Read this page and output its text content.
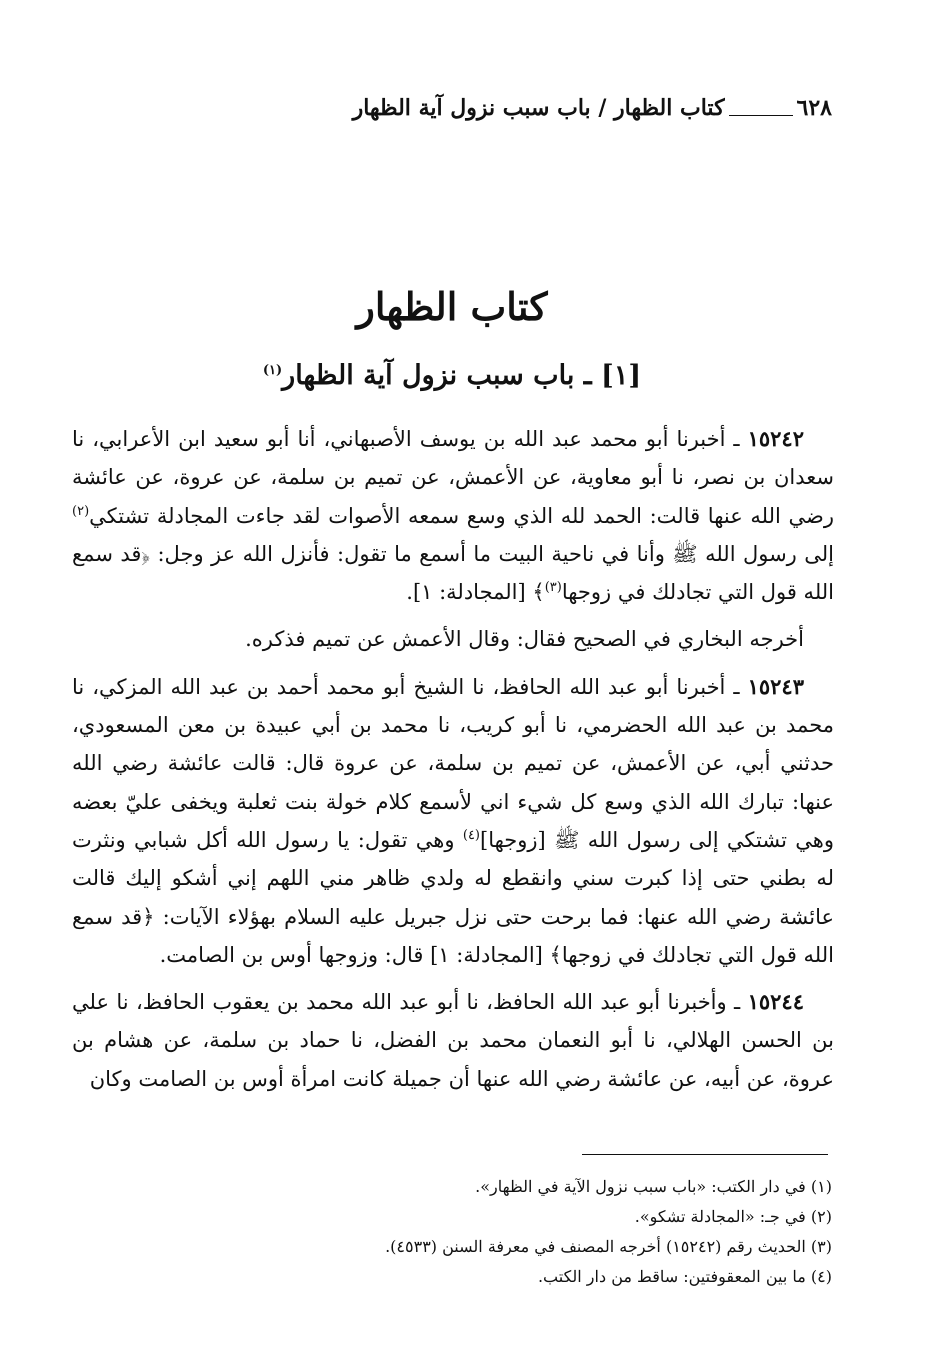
٦٢٨
كتاب الظهار / باب سبب نزول آية الظهار
كتاب الظهار
[١] ـ باب سبب نزول آية الظهار$^{(١)}$

١٥٢٤٢ ـ أخبرنا أبو محمد عبد الله بن يوسف الأصبهاني، أنا أبو سعيد ابن الأعرابي، نا سعدان بن نصر، نا أبو معاوية، عن الأعمش، عن تميم بن سلمة، عن عروة، عن عائشة رضي الله عنها قالت: الحمد لله الذي وسع سمعه الأصوات لقد جاءت المجادلة تشتكي$^{(٢)}$ إلى رسول الله ﷺ وأنا في ناحية البيت ما أسمع ما تقول: فأنزل الله عز وجل: ﴿قد سمع الله قول التي تجادلك في زوجها$^{(٣)}$﴾ [المجادلة: ١].

أخرجه البخاري في الصحيح فقال: وقال الأعمش عن تميم فذكره.

١٥٢٤٣ ـ أخبرنا أبو عبد الله الحافظ، نا الشيخ أبو محمد أحمد بن عبد الله المزكي، نا محمد بن عبد الله الحضرمي، نا أبو كريب، نا محمد بن أبي عبيدة بن معن المسعودي، حدثني أبي، عن الأعمش، عن تميم بن سلمة، عن عروة قال: قالت عائشة رضي الله عنها: تبارك الله الذي وسع كل شيء اني لأسمع كلام خولة بنت ثعلبة ويخفى عليّ بعضه وهي تشتكي إلى رسول الله ﷺ [زوجها]$^{(٤)}$ وهي تقول: يا رسول الله أكل شبابي ونثرت له بطني حتى إذا كبرت سني وانقطع له ولدي ظاهر مني اللهم إني أشكو إليك قالت عائشة رضي الله عنها: فما برحت حتى نزل جبريل عليه السلام بهؤلاء الآيات: ﴿قد سمع الله قول التي تجادلك في زوجها﴾ [المجادلة: ١] قال: وزوجها أوس بن الصامت.

١٥٢٤٤ ـ وأخبرنا أبو عبد الله الحافظ، نا أبو عبد الله محمد بن يعقوب الحافظ، نا علي بن الحسن الهلالي، نا أبو النعمان محمد بن الفضل، نا حماد بن سلمة، عن هشام بن عروة، عن أبيه، عن عائشة رضي الله عنها أن جميلة كانت امرأة أوس بن الصامت وكان

(١) في دار الكتب: «باب سبب نزول الآية في الظهار».
(٢) في جـ: «المجادلة تشكو».
(٣) الحديث رقم (١٥٢٤٢) أخرجه المصنف في معرفة السنن (٤٥٣٣).
(٤) ما بين المعقوفتين: ساقط من دار الكتب.
